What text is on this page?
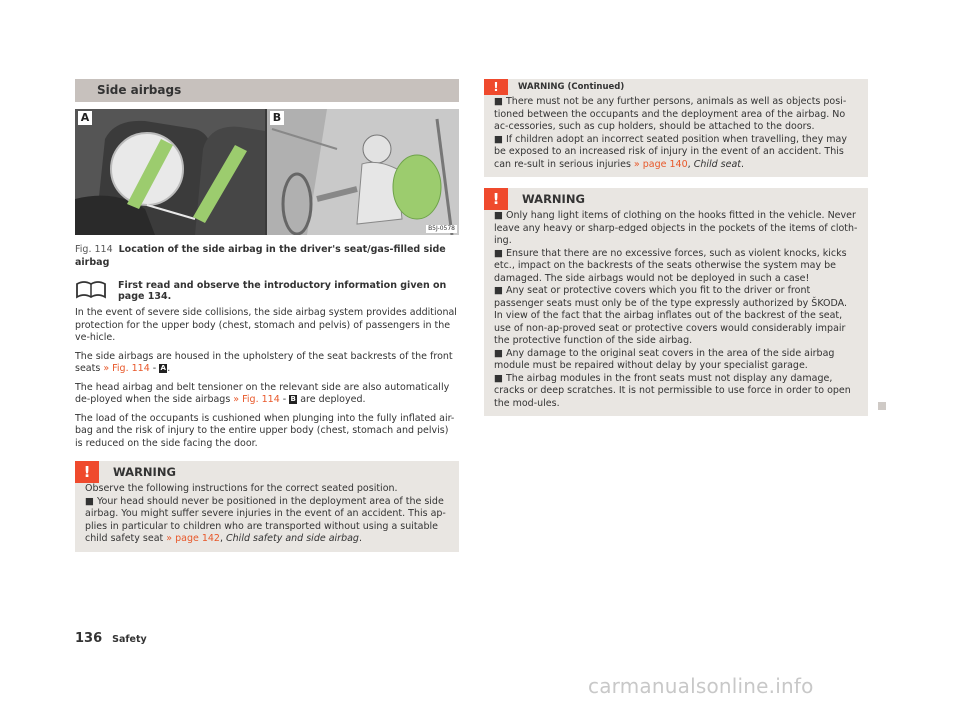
Side airbags
A	B
B5J-0578
Fig. 114 Location of the side airbag in the driver's seat/gas-filled side airbag
First read and observe the introductory information given on page 134.

In the event of severe side collisions, the side airbag system provides additional protection for the upper body (chest, stomach and pelvis) of passengers in the ve-hicle.

The side airbags are housed in the upholstery of the seat backrests of the front seats » Fig. 114 - A.

The head airbag and belt tensioner on the relevant side are also automatically de-ployed when the side airbags » Fig. 114 - B are deployed.

The load of the occupants is cushioned when plunging into the fully inflated air-bag and the risk of injury to the entire upper body (chest, stomach and pelvis) is reduced on the side facing the door.

!	WARNING

Observe the following instructions for the correct seated position.

■ Your head should never be positioned in the deployment area of the side airbag. You might suffer severe injuries in the event of an accident. This ap-plies in particular to children who are transported without using a suitable child safety seat » page 142, Child safety and side airbag.

!	WARNING (Continued)

■ There must not be any further persons, animals as well as objects posi-tioned between the occupants and the deployment area of the airbag. No ac-cessories, such as cup holders, should be attached to the doors.

■ If children adopt an incorrect seated position when travelling, they may be exposed to an increased risk of injury in the event of an accident. This can re-sult in serious injuries » page 140, Child seat.

!	WARNING

■ Only hang light items of clothing on the hooks fitted in the vehicle. Never leave any heavy or sharp-edged objects in the pockets of the items of cloth-ing.

■ Ensure that there are no excessive forces, such as violent knocks, kicks etc., impact on the backrests of the seats otherwise the system may be damaged. The side airbags would not be deployed in such a case!

■ Any seat or protective covers which you fit to the driver or front passenger seats must only be of the type expressly authorized by ŠKODA. In view of the fact that the airbag inflates out of the backrest of the seat, use of non-ap-proved seat or protective covers would considerably impair the protective function of the side airbag.

■ Any damage to the original seat covers in the area of the side airbag module must be repaired without delay by your specialist garage.

■ The airbag modules in the front seats must not display any damage, cracks or deep scratches. It is not permissible to use force in order to open the mod-ules.

136 Safety
carmanualsonline.info
